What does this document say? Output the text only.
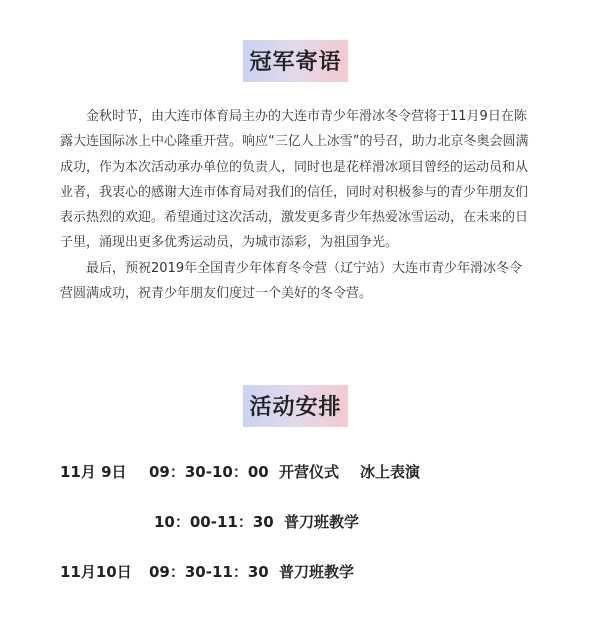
冠军寄语

金秋时节，由大连市体育局主办的大连市青少年滑冰冬令营将于11月9日在陈露大连国际冰上中心隆重开营。响应“三亿人上冰雪”的号召，助力北京冬奥会圆满成功，作为本次活动承办单位的负责人，同时也是花样滑冰项目曾经的运动员和从业者，我衷心的感谢大连市体育局对我们的信任，同时对积极参与的青少年朋友们表示热烈的欢迎。希望通过这次活动，激发更多青少年热爱冰雪运动，在未来的日子里，涌现出更多优秀运动员，为城市添彩，为祖国争光。

最后，预祝2019年全国青少年体育冬令营（辽宁站）大连市青少年滑冰冬令营圆满成功，祝青少年朋友们度过一个美好的冬令营。

活动安排
11月 9日 09：30-10：00 开营仪式 冰上表演
10：00-11：30 普刀班教学
11月10日 09：30-11：30 普刀班教学
